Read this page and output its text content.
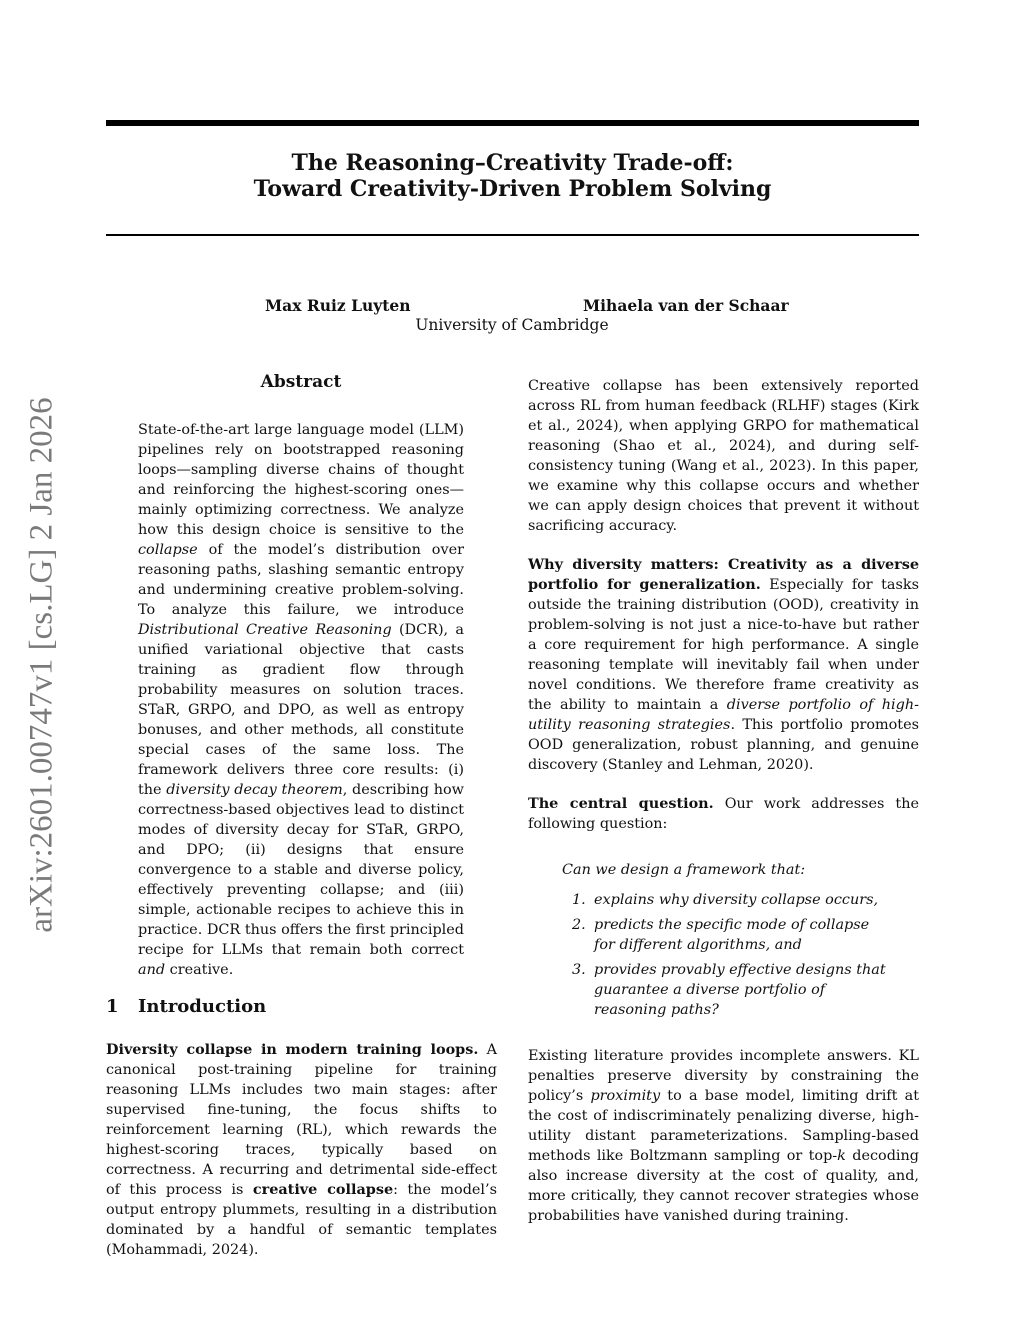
The Reasoning–Creativity Trade-off:
Toward Creativity-Driven Problem Solving
Max Ruiz Luyten	Mihaela van der Schaar
University of Cambridge
arXiv:2601.00747v1 [cs.LG] 2 Jan 2026
Abstract
State-of-the-art large language model (LLM) pipelines rely on bootstrapped reasoning loops—sampling diverse chains of thought and reinforcing the highest-scoring ones—mainly optimizing correctness. We analyze how this design choice is sensitive to the collapse of the model’s distribution over reasoning paths, slashing semantic entropy and undermining creative problem-solving. To analyze this failure, we introduce Distributional Creative Reasoning (DCR), a unified variational objective that casts training as gradient flow through probability measures on solution traces. STaR, GRPO, and DPO, as well as entropy bonuses, and other methods, all constitute special cases of the same loss. The framework delivers three core results: (i) the diversity decay theorem, describing how correctness-based objectives lead to distinct modes of diversity decay for STaR, GRPO, and DPO; (ii) designs that ensure convergence to a stable and diverse policy, effectively preventing collapse; and (iii) simple, actionable recipes to achieve this in practice. DCR thus offers the first principled recipe for LLMs that remain both correct and creative.
1 Introduction
Diversity collapse in modern training loops. A canonical post-training pipeline for training reasoning LLMs includes two main stages: after supervised fine-tuning, the focus shifts to reinforcement learning (RL), which rewards the highest-scoring traces, typically based on correctness. A recurring and detrimental side-effect of this process is creative collapse: the model’s output entropy plummets, resulting in a distribution dominated by a handful of semantic templates (Mohammadi, 2024).

Creative collapse has been extensively reported across RL from human feedback (RLHF) stages (Kirk et al., 2024), when applying GRPO for mathematical reasoning (Shao et al., 2024), and during self-consistency tuning (Wang et al., 2023). In this paper, we examine why this collapse occurs and whether we can apply design choices that prevent it without sacrificing accuracy.

Why diversity matters: Creativity as a diverse portfolio for generalization. Especially for tasks outside the training distribution (OOD), creativity in problem-solving is not just a nice-to-have but rather a core requirement for high performance. A single reasoning template will inevitably fail when under novel conditions. We therefore frame creativity as the ability to maintain a diverse portfolio of high-utility reasoning strategies. This portfolio promotes OOD generalization, robust planning, and genuine discovery (Stanley and Lehman, 2020).

The central question. Our work addresses the following question:

Can we design a framework that:

1. explains why diversity collapse occurs,
2. predicts the specific mode of collapse for different algorithms, and
3. provides provably effective designs that guarantee a diverse portfolio of reasoning paths?

Existing literature provides incomplete answers. KL penalties preserve diversity by constraining the policy’s proximity to a base model, limiting drift at the cost of indiscriminately penalizing diverse, high-utility distant parameterizations. Sampling-based methods like Boltzmann sampling or top-k decoding also increase diversity at the cost of quality, and, more critically, they cannot recover strategies whose probabilities have vanished during training.
